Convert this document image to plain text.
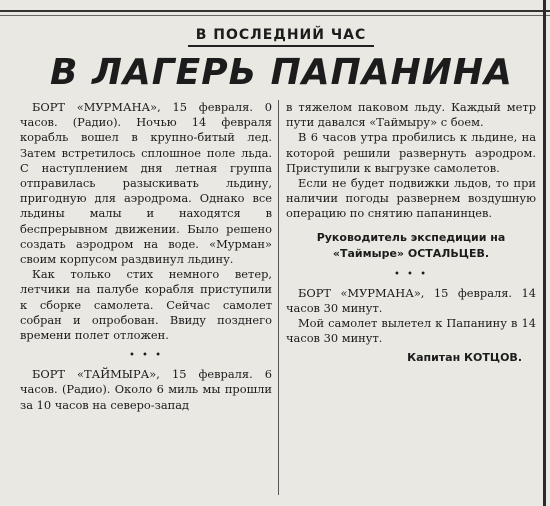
В ПОСЛЕДНИЙ ЧАС
В ЛАГЕРЬ ПАПАНИНА

БОРТ «МУРМАНА», 15 февраля. 0 часов. (Радио). Ночью 14 февраля корабль вошел в крупно-битый лед. Затем встретилось сплошное поле льда. С наступлением дня летная группа отправилась разыскивать льдину, пригодную для аэродрома. Однако все льдины малы и находятся в беспрерывном движении. Было решено создать аэродром на воде. «Мурман» своим корпусом раздвинул льдину.

Как только стих немного ветер, летчики на палубе корабля приступили к сборке самолета. Сейчас самолет собран и опробован. Ввиду позднего времени полет отложен.

• • •

БОРТ «ТАЙМЫРА», 15 февраля. 6 часов. (Радио). Около 6 миль мы прошли за 10 часов на северо-запад

в тяжелом паковом льду. Каждый метр пути давался «Таймыру» с боем.

В 6 часов утра пробились к льдине, на которой решили развернуть аэродром. Приступили к выгрузке самолетов.

Если не будет подвижки льдов, то при наличии погоды развернем воздушную операцию по снятию папанинцев.

Руководитель экспедиции на
«Таймыре» ОСТАЛЬЦЕВ.
• • •

БОРТ «МУРМАНА», 15 февраля. 14 часов 30 минут.

Мой самолет вылетел к Папанину в 14 часов 30 минут.

Капитан КОТЦОВ.
